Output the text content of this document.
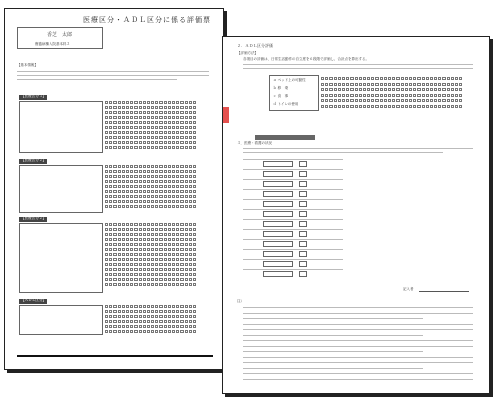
医療区分・ＡＤＬ区分に係る評価票
香芝　太郎
療養病棟入院基本料２
【基本情報】
【医療区分３】
【医療区分２】
【医療区分２】
【ＡＤＬ区分】
２．ＡＤＬ区分評価
【評価方法】
各項目の評価は、日常生活動作の自立度を６段階で評価し、合計点を算出する。
ａ ベッド上の可動性
ｂ 移　乗
ｃ 食　事
ｄ トイレの使用
３．医療・看護の状況
記入者
注）
